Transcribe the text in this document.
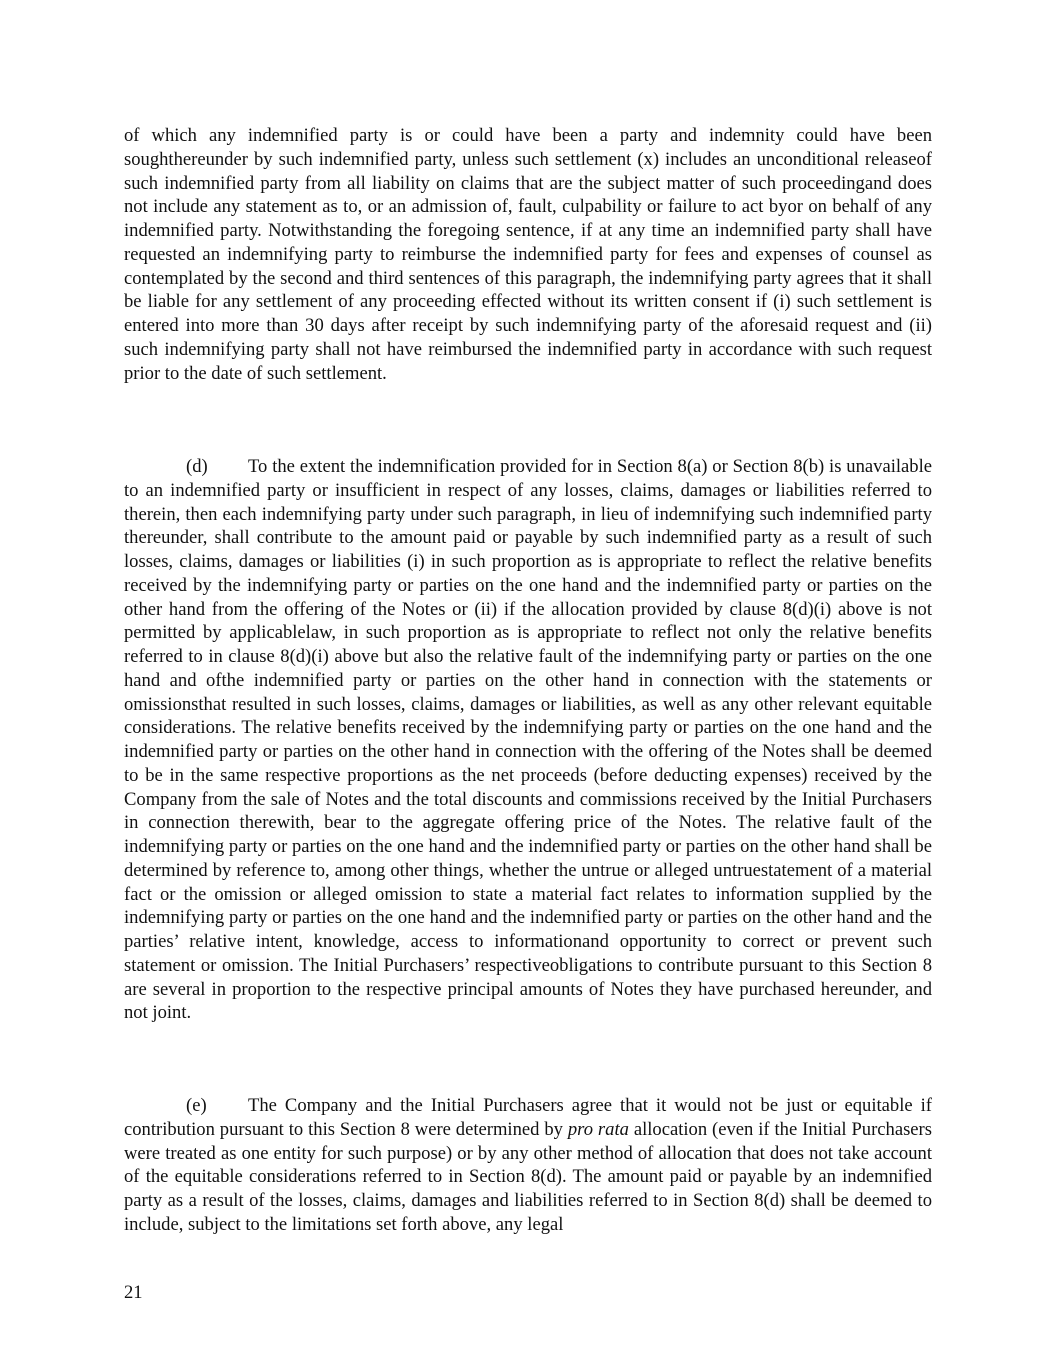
of which any indemnified party is or could have been a party and indemnity could have been soughthereunder by such indemnified party, unless such settlement (x) includes an unconditional releaseof such indemnified party from all liability on claims that are the subject matter of such proceedingand does not include any statement as to, or an admission of, fault, culpability or failure to act byor on behalf of any indemnified party. Notwithstanding the foregoing sentence, if at any time an indemnified party shall have requested an indemnifying party to reimburse the indemnified party for fees and expenses of counsel as contemplated by the second and third sentences of this paragraph, the indemnifying party agrees that it shall be liable for any settlement of any proceeding effected without its written consent if (i) such settlement is entered into more than 30 days after receipt by such indemnifying party of the aforesaid request and (ii) such indemnifying party shall not have reimbursed the indemnified party in accordance with such request prior to the date of such settlement.

(d) To the extent the indemnification provided for in Section 8(a) or Section 8(b) is unavailable to an indemnified party or insufficient in respect of any losses, claims, damages or liabilities referred to therein, then each indemnifying party under such paragraph, in lieu of indemnifying such indemnified party thereunder, shall contribute to the amount paid or payable by such indemnified party as a result of such losses, claims, damages or liabilities (i) in such proportion as is appropriate to reflect the relative benefits received by the indemnifying party or parties on the one hand and the indemnified party or parties on the other hand from the offering of the Notes or (ii) if the allocation provided by clause 8(d)(i) above is not permitted by applicablelaw, in such proportion as is appropriate to reflect not only the relative benefits referred to in clause 8(d)(i) above but also the relative fault of the indemnifying party or parties on the one hand and ofthe indemnified party or parties on the other hand in connection with the statements or omissionsthat resulted in such losses, claims, damages or liabilities, as well as any other relevant equitable considerations. The relative benefits received by the indemnifying party or parties on the one hand and the indemnified party or parties on the other hand in connection with the offering of the Notes shall be deemed to be in the same respective proportions as the net proceeds (before deducting expenses) received by the Company from the sale of Notes and the total discounts and commissions received by the Initial Purchasers in connection therewith, bear to the aggregate offering price of the Notes. The relative fault of the indemnifying party or parties on the one hand and the indemnified party or parties on the other hand shall be determined by reference to, among other things, whether the untrue or alleged untruestatement of a material fact or the omission or alleged omission to state a material fact relates to information supplied by the indemnifying party or parties on the one hand and the indemnified party or parties on the other hand and the parties’ relative intent, knowledge, access to informationand opportunity to correct or prevent such statement or omission. The Initial Purchasers’ respectiveobligations to contribute pursuant to this Section 8 are several in proportion to the respective principal amounts of Notes they have purchased hereunder, and not joint.

(e) The Company and the Initial Purchasers agree that it would not be just or equitable if contribution pursuant to this Section 8 were determined by pro rata allocation (even if the Initial Purchasers were treated as one entity for such purpose) or by any other method of allocation that does not take account of the equitable considerations referred to in Section 8(d). The amount paid or payable by an indemnified party as a result of the losses, claims, damages and liabilities referred to in Section 8(d) shall be deemed to include, subject to the limitations set forth above, any legal

21
